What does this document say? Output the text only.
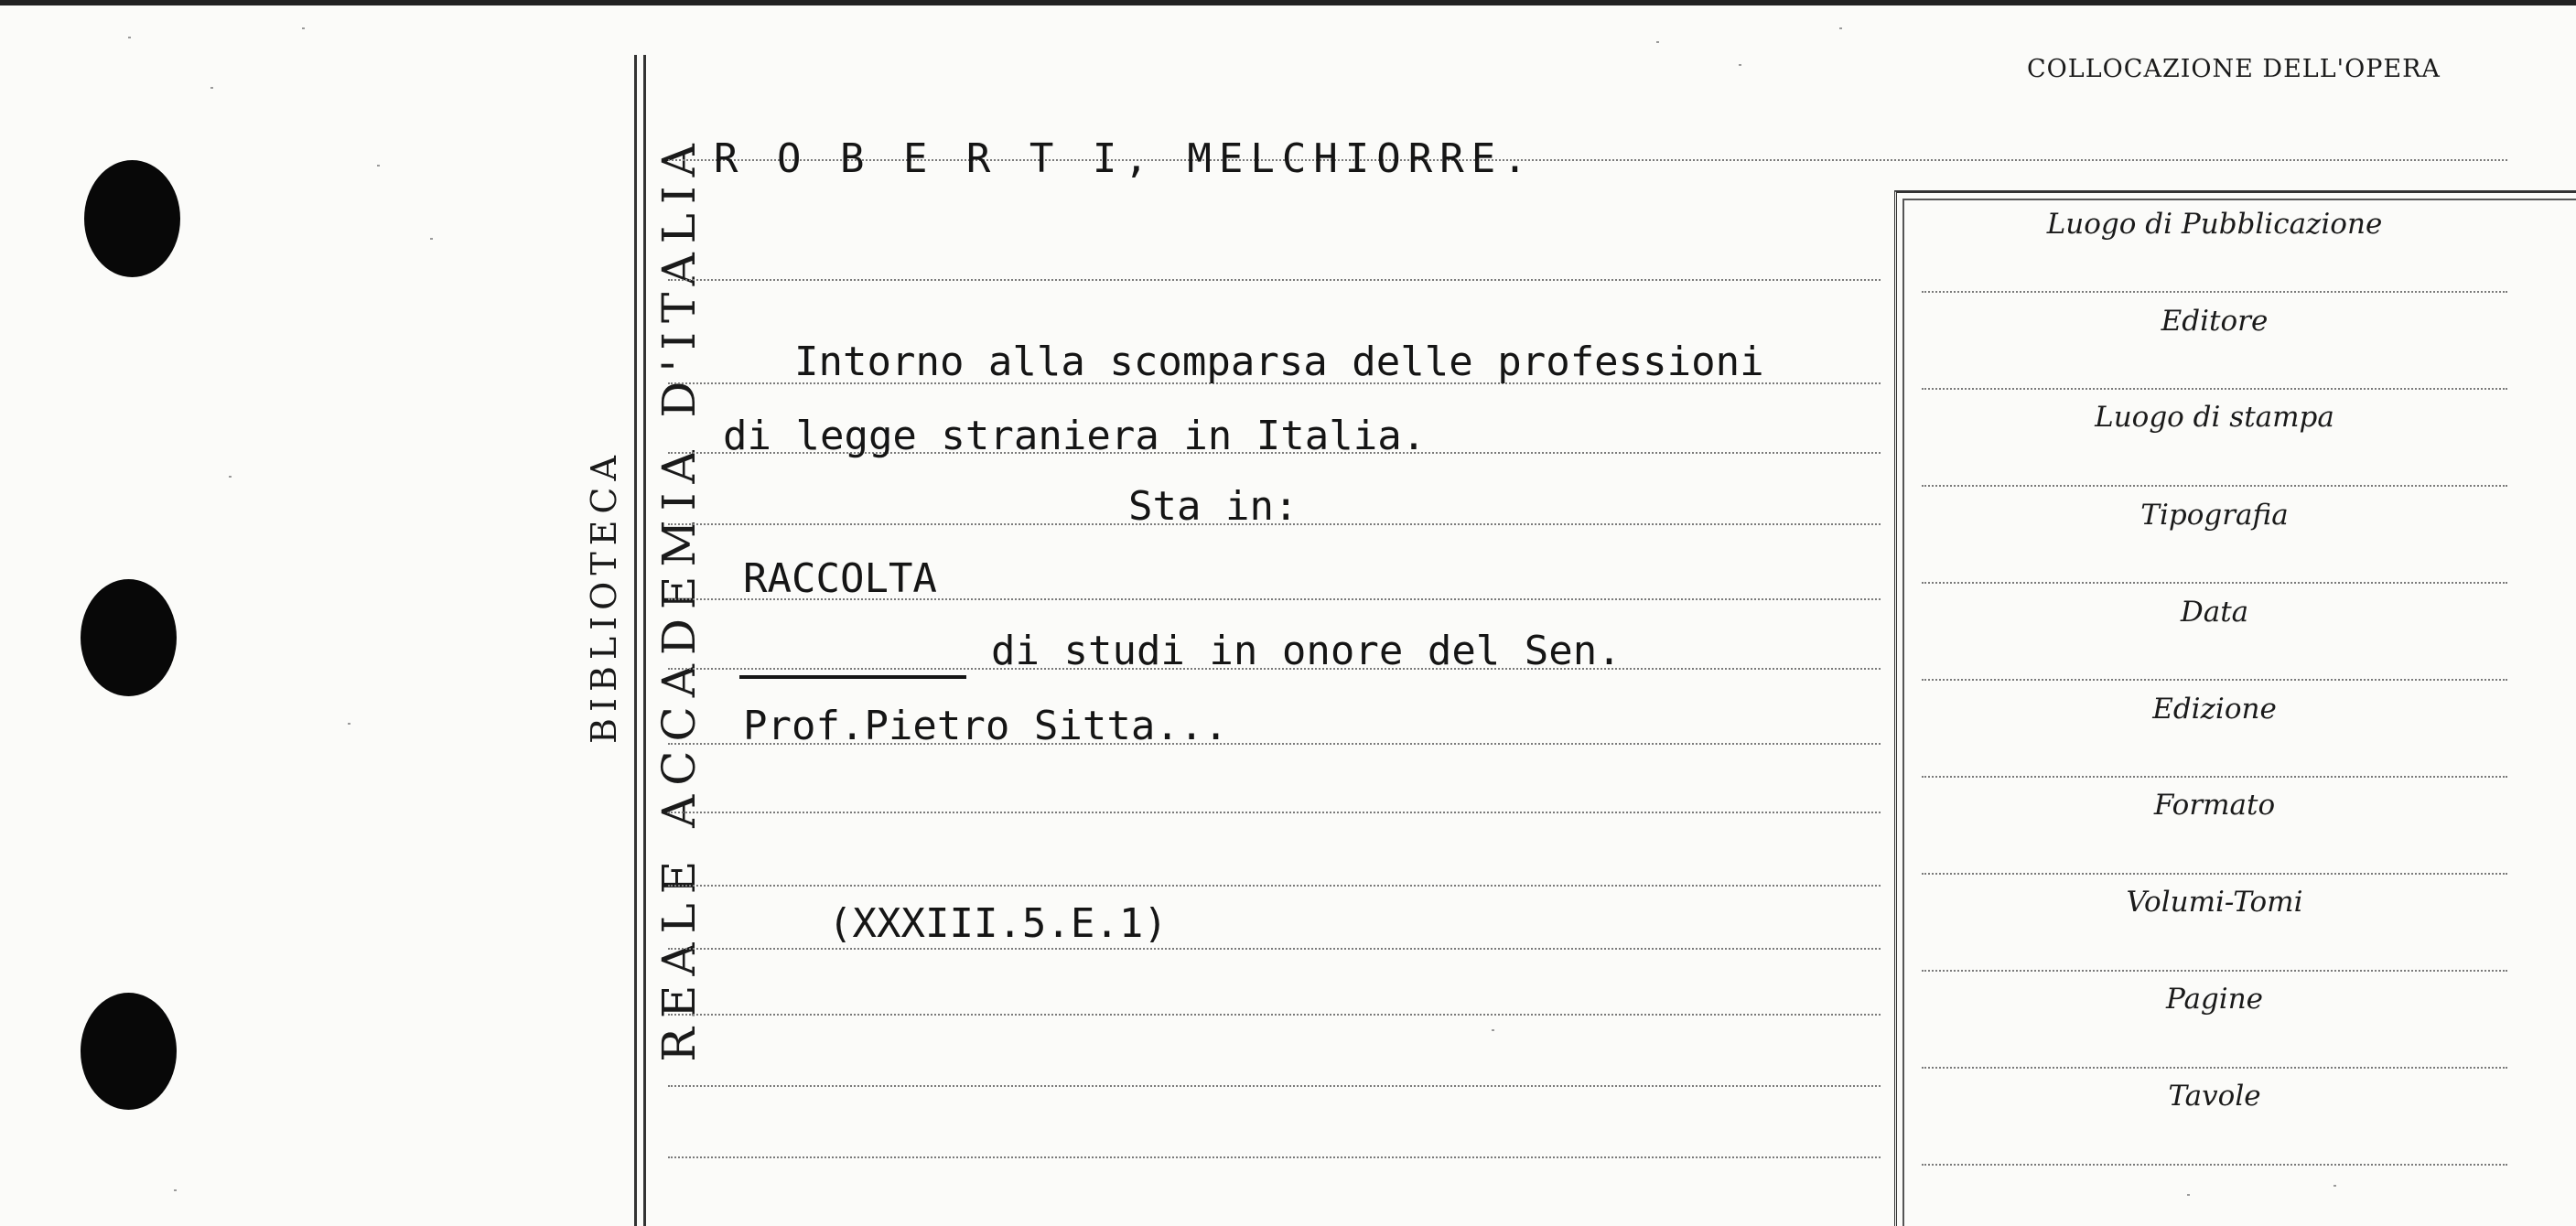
REALE ACCADEMIA D'ITALIA
BIBLIOTECA
COLLOCAZIONE DELL'OPERA
R O B E R T I, MELCHIORRE.
Intorno alla scomparsa delle professioni
di legge straniera in Italia.
Sta in:
RACCOLTA
di studi in onore del Sen.
Prof.Pietro Sitta...
(XXXIII.5.E.1)
Luogo di Pubblicazione
Editore
Luogo di stampa
Tipografia
Data
Edizione
Formato
Volumi-Tomi
Pagine
Tavole
